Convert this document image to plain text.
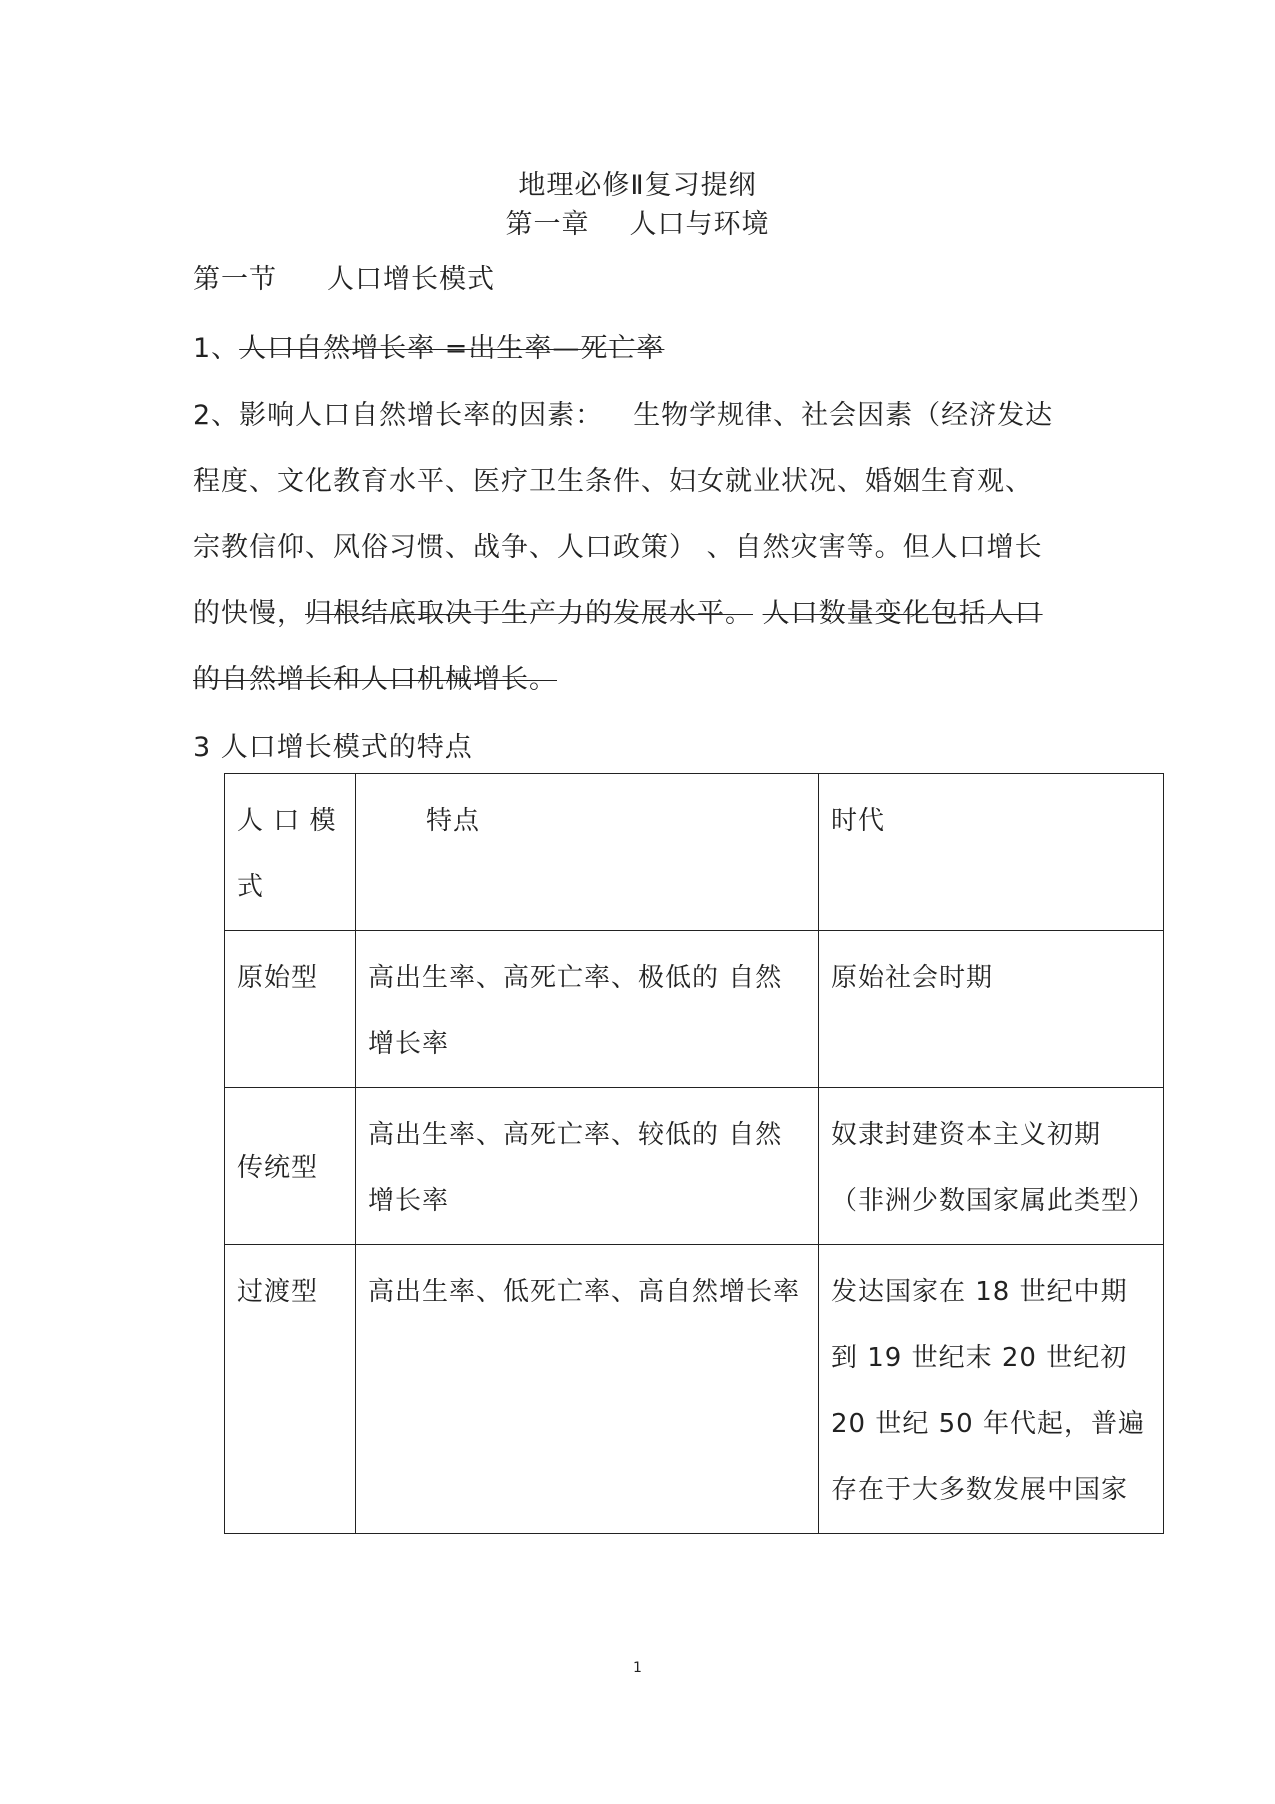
地理必修Ⅱ复习提纲
第一章 人口与环境
第一节 人口增长模式
1、人口自然增长率 =出生率—死亡率
2、影响人口自然增长率的因素： 生物学规律、社会因素（经济发达
程度、文化教育水平、医疗卫生条件、妇女就业状况、婚姻生育观、
宗教信仰、风俗习惯、战争、人口政策） 、自然灾害等。但人口增长
的快慢，归根结底取决于生产力的发展水平。 人口数量变化包括人口
的自然增长和人口机械增长。
3 人口增长模式的特点
人 口 模 式	特点	时代
原始型	高出生率、高死亡率、极低的 自然增长率	原始社会时期
传统型	高出生率、高死亡率、较低的 自然增长率	奴隶封建资本主义初期 （非洲少数国家属此类型）
过渡型	高出生率、低死亡率、高自然增长率	发达国家在 18 世纪中期到 19 世纪末 20 世纪初 20 世纪 50 年代起，普遍存在于大多数发展中国家
1
